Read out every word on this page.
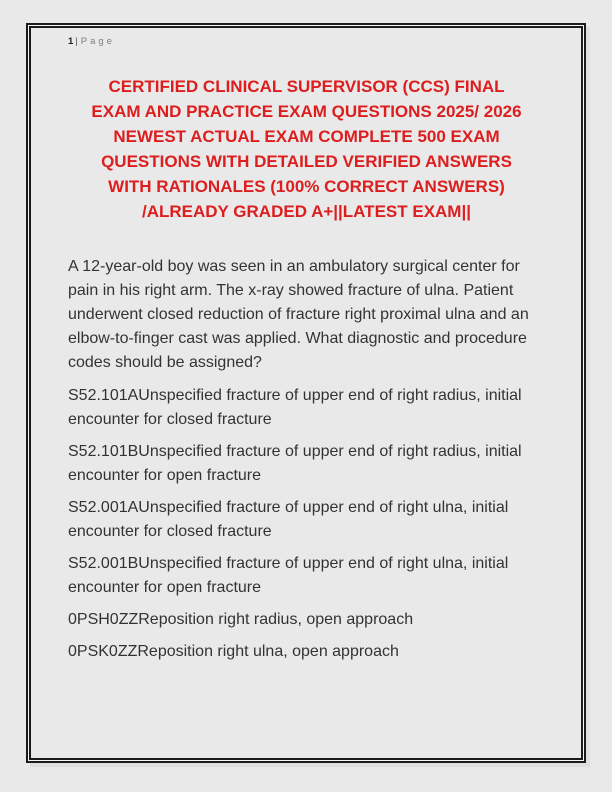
1 | Page
CERTIFIED CLINICAL SUPERVISOR (CCS) FINAL
EXAM AND PRACTICE EXAM QUESTIONS 2025/ 2026
NEWEST ACTUAL EXAM COMPLETE 500 EXAM
QUESTIONS WITH DETAILED VERIFIED ANSWERS
WITH RATIONALES (100% CORRECT ANSWERS)
/ALREADY GRADED A+||LATEST EXAM||

A 12-year-old boy was seen in an ambulatory surgical center for pain in his right arm. The x-ray showed fracture of ulna. Patient underwent closed reduction of fracture right proximal ulna and an elbow-to-finger cast was applied. What diagnostic and procedure codes should be assigned?

S52.101AUnspecified fracture of upper end of right radius, initial encounter for closed fracture

S52.101BUnspecified fracture of upper end of right radius, initial encounter for open fracture

S52.001AUnspecified fracture of upper end of right ulna, initial encounter for closed fracture

S52.001BUnspecified fracture of upper end of right ulna, initial encounter for open fracture

0PSH0ZZReposition right radius, open approach

0PSK0ZZReposition right ulna, open approach
